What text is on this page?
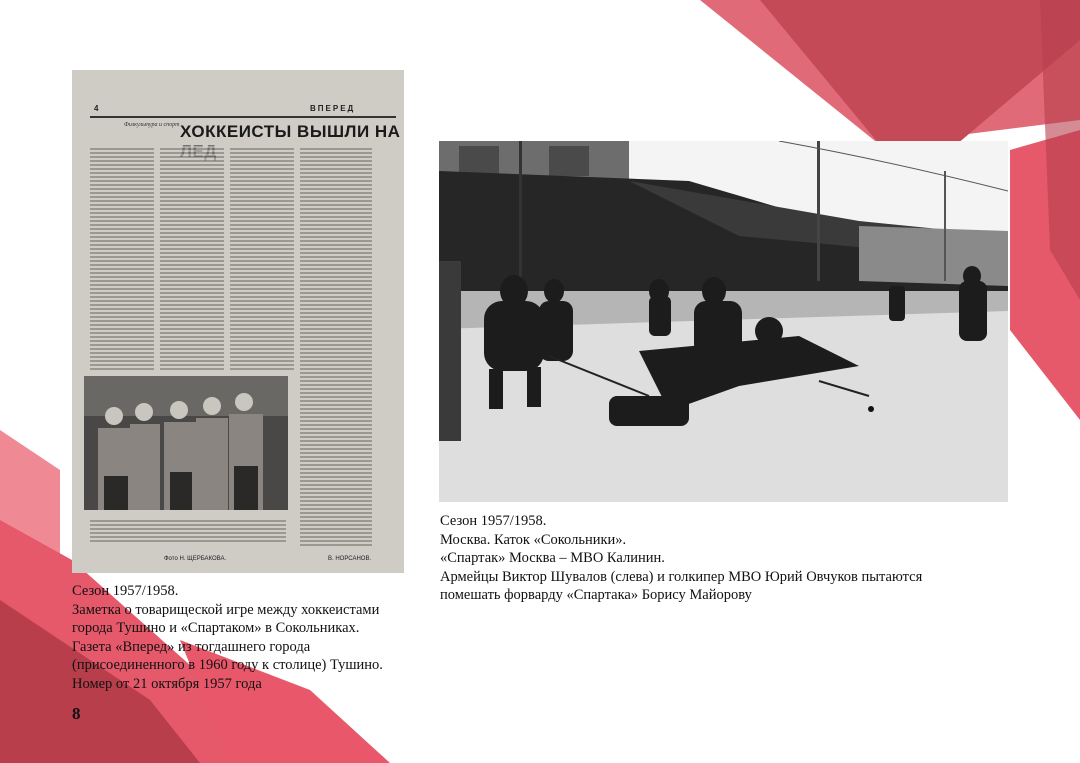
4	ВПЕРЕД
Физкультура и спорт ХОККЕИСТЫ ВЫШЛИ НА
Фото Н. ЩЕРБАКОВА.	В. НОРСАНОВ.
Сезон 1957/1958.
Заметка о товарищеской игре между хоккеистами
города Тушино и «Спартаком» в Сокольниках.
Газета «Вперед» из тогдашнего города
(присоединенного в 1960 году к столице) Тушино.
Номер от 21 октября 1957 года
Сезон 1957/1958.
Москва. Каток «Сокольники».
«Спартак» Москва – МВО Калинин.
Армейцы Виктор Шувалов (слева) и голкипер МВО Юрий Овчуков пытаются
помешать форварду «Спартака» Борису Майорову
8
